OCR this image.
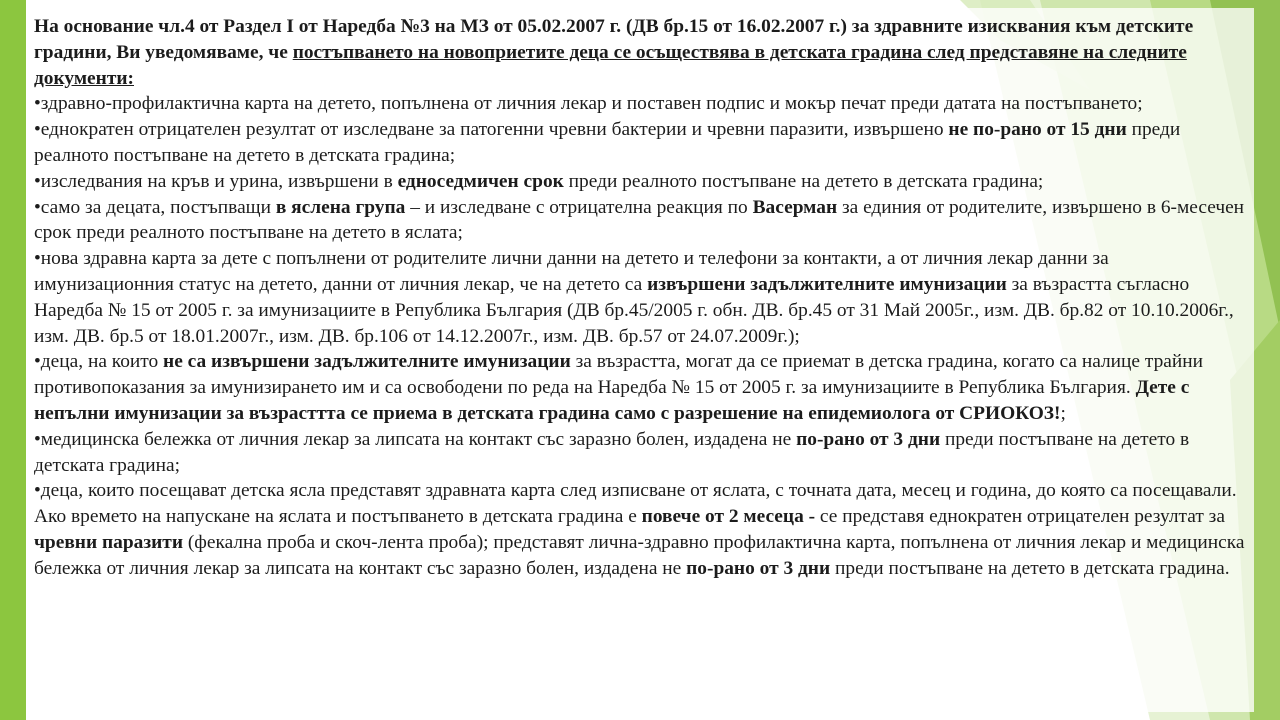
На основание чл.4 от Раздел І от Наредба №3 на МЗ от 05.02.2007 г. (ДВ бр.15 от 16.02.2007 г.) за здравните изисквания към детските градини, Ви уведомяваме, че постъпването на новоприетите деца се осъществява в детската градина след представяне на следните документи:

•здравно-профилактична карта на детето, попълнена от личния лекар и поставен подпис и мокър печат преди датата на постъпването;

•еднократен отрицателен резултат от изследване за патогенни чревни бактерии и чревни паразити, извършено не по-рано от 15 дни преди реалното постъпване на детето в детската градина;

•изследвания на кръв и урина, извършени в едноседмичен срок преди реалното постъпване на детето в детската градина;

•само за децата, постъпващи в яслена група – и изследване с отрицателна реакция по Васерман за единия от родителите, извършено в 6-месечен срок преди реалното постъпване на детето в яслата;

•нова здравна карта за дете с попълнени от родителите лични данни на детето и телефони за контакти, а от личния лекар данни за имунизационния статус на детето, данни от личния лекар, че на детето са извършени задължителните имунизации за възрастта съгласно Наредба № 15 от 2005 г. за имунизациите в Република България (ДВ бр.45/2005 г. обн. ДВ. бр.45 от 31 Май 2005г., изм. ДВ. бр.82 от 10.10.2006г., изм. ДВ. бр.5 от 18.01.2007г., изм. ДВ. бр.106 от 14.12.2007г., изм. ДВ. бр.57 от 24.07.2009г.);

•деца, на които не са извършени задължителните имунизации за възрастта, могат да се приемат в детска градина, когато са налице трайни противопоказания за имунизирането им и са освободени по реда на Наредба № 15 от 2005 г. за имунизациите в Република България. Дете с непълни имунизации за възрасттта се приема в детската градина само с разрешение на епидемиолога от СРИОКОЗ!;

•медицинска бележка от личния лекар за липсата на контакт със заразно болен, издадена не по-рано от 3 дни преди постъпване на детето в детската градина;

•деца, които посещават детска ясла представят здравната карта след изписване от яслата, с точната дата, месец и година, до която са посещавали. Ако времето на напускане на яслата и постъпването в детската градина е повече от 2 месеца - се представя еднократен отрицателен резултат за чревни паразити (фекална проба и скоч-лента проба); представят лична-здравно профилактична карта, попълнена от личния лекар и медицинска бележка от личния лекар за липсата на контакт със заразно болен, издадена не по-рано от 3 дни преди постъпване на детето в детската градина.
